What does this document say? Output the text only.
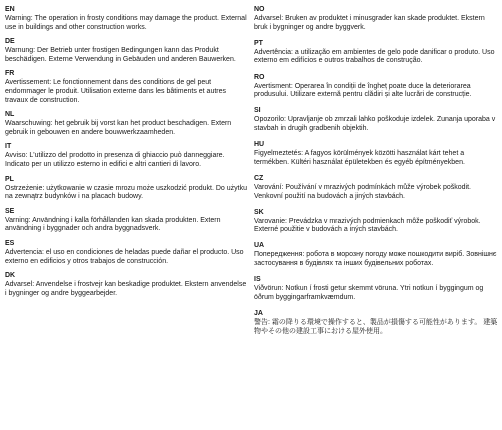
EN

Warning: The operation in frosty conditions may damage the product. External use in buildings and other construction works.

DE

Warnung: Der Betrieb unter frostigen Bedingungen kann das Produkt beschädigen. Externe Verwendung in Gebäuden und anderen Bauwerken.

FR

Avertissement: Le fonctionnement dans des conditions de gel peut endommager le produit. Utilisation externe dans les bâtiments et autres travaux de construction.

NL

Waarschuwing: het gebruik bij vorst kan het product beschadigen. Extern gebruik in gebouwen en andere bouwwerkzaamheden.

IT

Avviso: L'utilizzo del prodotto in presenza di ghiaccio può danneggiare. Indicato per un utilizzo esterno in edifici e altri cantieri di lavoro.

PL

Ostrzeżenie: użytkowanie w czasie mrozu może uszkodzić produkt. Do użytku na zewnątrz budynków i na placach budowy.

SE

Varning: Användning i kalla förhållanden kan skada produkten. Extern användning i byggnader och andra byggnadsverk.

ES

Advertencia: el uso en condiciones de heladas puede dañar el producto. Uso externo en edificios y otros trabajos de construcción.

DK

Advarsel: Anvendelse i frostvejr kan beskadige produktet. Ekstern anvendelse i bygninger og andre byggearbejder.

NO

Advarsel: Bruken av produktet i minusgrader kan skade produktet. Ekstern bruk i bygninger og andre byggverk.

PT

Advertência: a utilização em ambientes de gelo pode danificar o produto. Uso externo em edifícios e outros trabalhos de construção.

RO

Avertisment: Operarea în condiții de îngheț poate duce la deteriorarea produsului. Utilizare externă pentru clădiri și alte lucrări de construcție.

SI

Opozorilo: Upravljanje ob zmrzali lahko poškoduje izdelek. Zunanja uporaba v stavbah in drugih gradbenih objektih.

HU

Figyelmeztetés: A fagyos körülmények közötti használat kárt tehet a termékben. Kültéri használat épületekben és egyéb építményekben.

CZ

Varování: Používání v mrazivých podmínkách může výrobek poškodit. Venkovní použití na budovách a jiných stavbách.

SK

Varovanie: Prevádzka v mrazivých podmienkach môže poškodiť výrobok. Externé použitie v budovách a iných stavbách.

UA

Попередження: робота в морозну погоду може пошкодити виріб. Зовнішнє застосування в будівлях та інших будівельних роботах.

IS

Viðvörun: Notkun í frosti getur skemmt vöruna. Ytri notkun í byggingum og öðrum byggingarframkvæmdum.

JA

警告: 霜の降りる環境で操作すると、製品が損傷する可能性があります。 建築物やその他の建設工事における屋外使用。
